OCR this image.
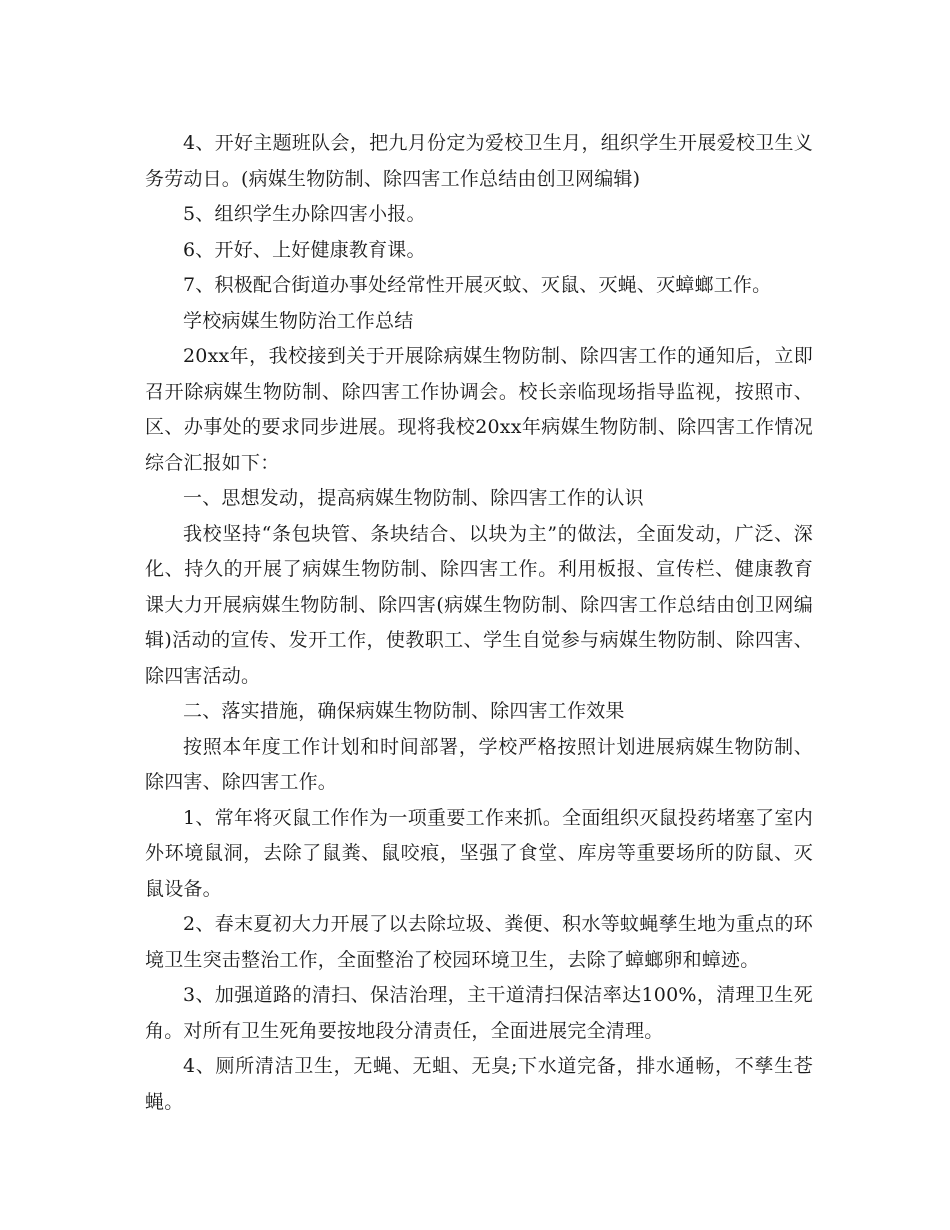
4、开好主题班队会，把九月份定为爱校卫生月，组织学生开展爱校卫生义务劳动日。(病媒生物防制、除四害工作总结由创卫网编辑)

5、组织学生办除四害小报。

6、开好、上好健康教育课。

7、积极配合街道办事处经常性开展灭蚊、灭鼠、灭蝇、灭蟑螂工作。

学校病媒生物防治工作总结

20xx年，我校接到关于开展除病媒生物防制、除四害工作的通知后，立即召开除病媒生物防制、除四害工作协调会。校长亲临现场指导监视，按照市、区、办事处的要求同步进展。现将我校20xx年病媒生物防制、除四害工作情况综合汇报如下：

一、思想发动，提高病媒生物防制、除四害工作的认识

我校坚持“条包块管、条块结合、以块为主”的做法，全面发动，广泛、深化、持久的开展了病媒生物防制、除四害工作。利用板报、宣传栏、健康教育课大力开展病媒生物防制、除四害(病媒生物防制、除四害工作总结由创卫网编辑)活动的宣传、发开工作，使教职工、学生自觉参与病媒生物防制、除四害、除四害活动。

二、落实措施，确保病媒生物防制、除四害工作效果

按照本年度工作计划和时间部署，学校严格按照计划进展病媒生物防制、除四害、除四害工作。

1、常年将灭鼠工作作为一项重要工作来抓。全面组织灭鼠投药堵塞了室内外环境鼠洞，去除了鼠粪、鼠咬痕，坚强了食堂、库房等重要场所的防鼠、灭鼠设备。

2、春末夏初大力开展了以去除垃圾、粪便、积水等蚊蝇孳生地为重点的环境卫生突击整治工作，全面整治了校园环境卫生，去除了蟑螂卵和蟑迹。

3、加强道路的清扫、保洁治理，主干道清扫保洁率达100%，清理卫生死角。对所有卫生死角要按地段分清责任，全面进展完全清理。

4、厕所清洁卫生，无蝇、无蛆、无臭;下水道完备，排水通畅，不孳生苍蝇。
